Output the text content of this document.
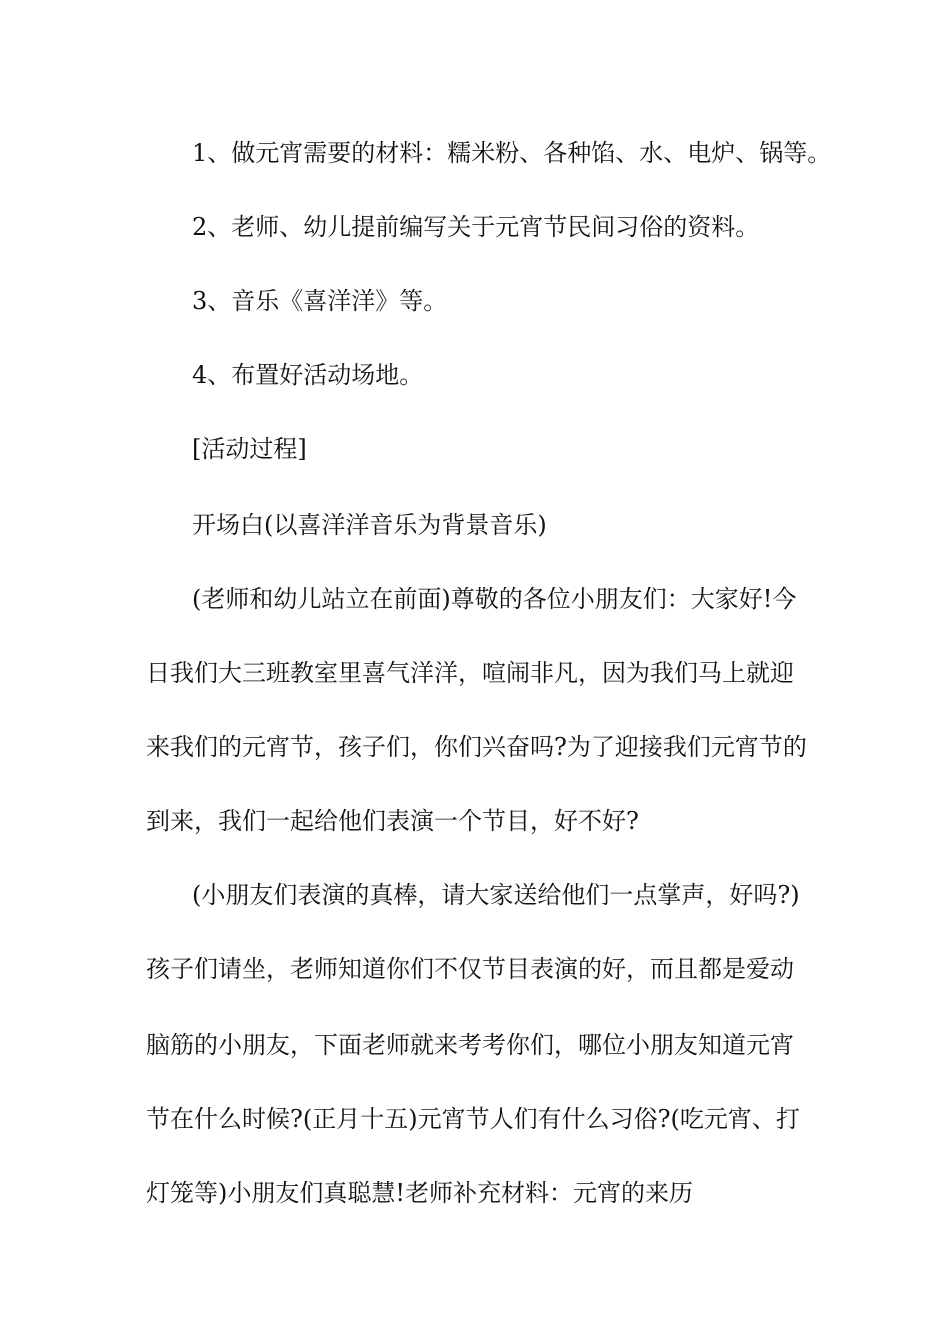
1、做元宵需要的材料：糯米粉、各种馅、水、电炉、锅等。
2、老师、幼儿提前编写关于元宵节民间习俗的资料。
3、音乐《喜洋洋》等。
4、布置好活动场地。
[活动过程]
开场白(以喜洋洋音乐为背景音乐)
(老师和幼儿站立在前面)尊敬的各位小朋友们：大家好!今
日我们大三班教室里喜气洋洋，喧闹非凡，因为我们马上就迎
来我们的元宵节，孩子们，你们兴奋吗?为了迎接我们元宵节的
到来，我们一起给他们表演一个节目，好不好?
(小朋友们表演的真棒，请大家送给他们一点掌声，好吗?)
孩子们请坐，老师知道你们不仅节目表演的好，而且都是爱动
脑筋的小朋友，下面老师就来考考你们，哪位小朋友知道元宵
节在什么时候?(正月十五)元宵节人们有什么习俗?(吃元宵、打
灯笼等)小朋友们真聪慧!老师补充材料：元宵的来历
